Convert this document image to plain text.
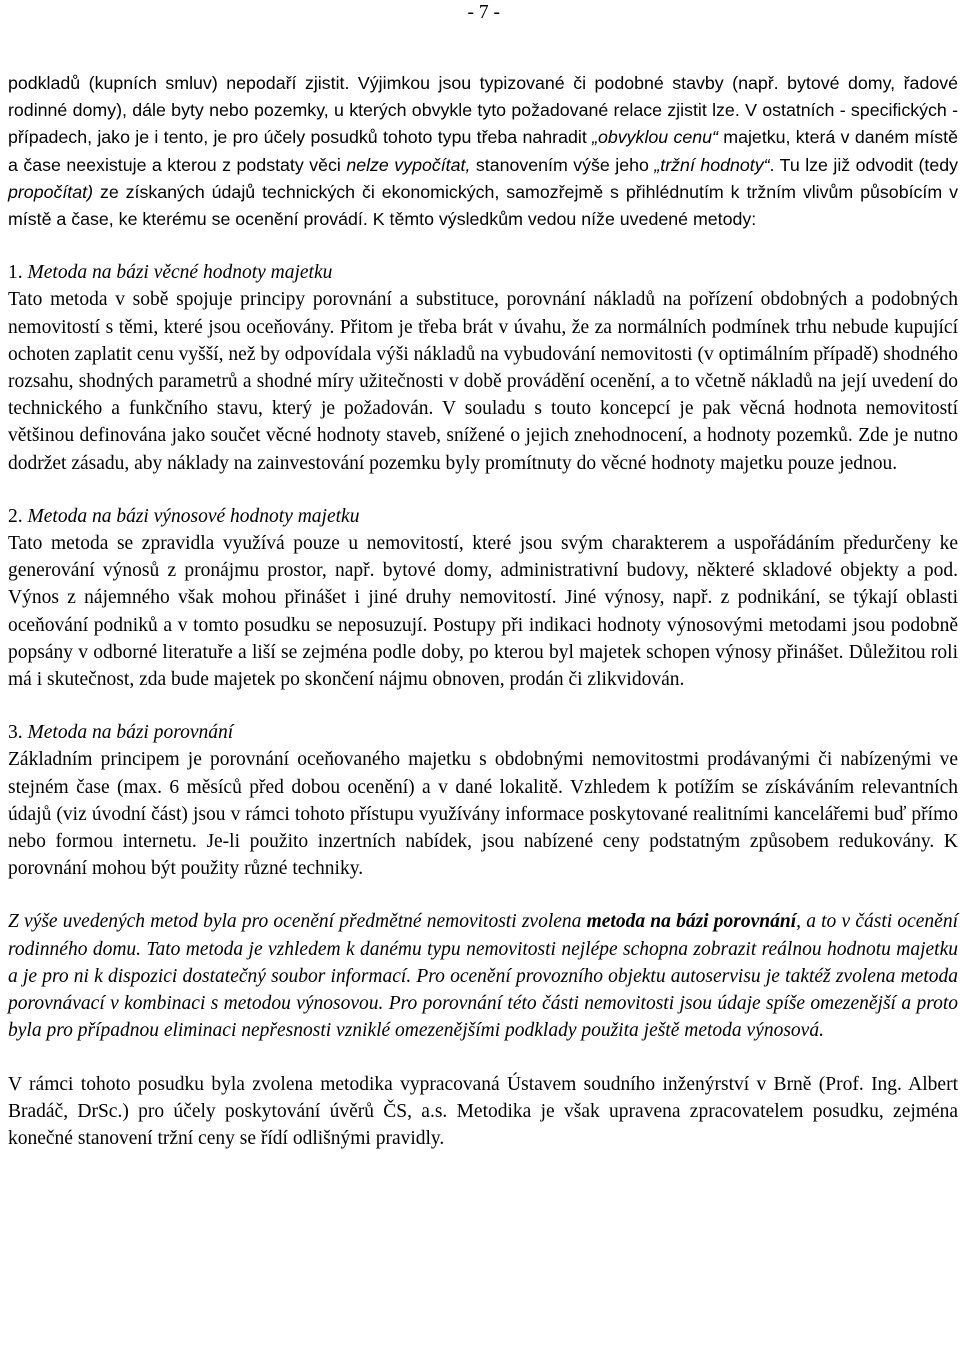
- 7 -

podkladů (kupních smluv) nepodaří zjistit. Výjimkou jsou typizované či podobné stavby (např. bytové domy, řadové rodinné domy), dále byty nebo pozemky, u kterých obvykle tyto požadované relace zjistit lze. V ostatních - specifických - případech, jako je i tento, je pro účely posudků tohoto typu třeba nahradit „obvyklou cenu“ majetku, která v daném místě a čase neexistuje a kterou z podstaty věci nelze vypočítat, stanovením výše jeho „tržní hodnoty“. Tu lze již odvodit (tedy propočítat) ze získaných údajů technických či ekonomických, samozřejmě s přihlédnutím k tržním vlivům působícím v místě a čase, ke kterému se ocenění provádí. K těmto výsledkům vedou níže uvedené metody:

1. Metoda na bázi věcné hodnoty majetku

Tato metoda v sobě spojuje principy porovnání a substituce, porovnání nákladů na pořízení obdobných a podobných nemovitostí s těmi, které jsou oceňovány. Přitom je třeba brát v úvahu, že za normálních podmínek trhu nebude kupující ochoten zaplatit cenu vyšší, než by odpovídala výši nákladů na vybudování nemovitosti (v optimálním případě) shodného rozsahu, shodných parametrů a shodné míry užitečnosti v době provádění ocenění, a to včetně nákladů na její uvedení do technického a funkčního stavu, který je požadován. V souladu s touto koncepcí je pak věcná hodnota nemovitostí většinou definována jako součet věcné hodnoty staveb, snížené o jejich znehodnocení, a hodnoty pozemků. Zde je nutno dodržet zásadu, aby náklady na zainvestování pozemku byly promítnuty do věcné hodnoty majetku pouze jednou.

2. Metoda na bázi výnosové hodnoty majetku

Tato metoda se zpravidla využívá pouze u nemovitostí, které jsou svým charakterem a uspořádáním předurčeny ke generování výnosů z pronájmu prostor, např. bytové domy, administrativní budovy, některé skladové objekty a pod. Výnos z nájemného však mohou přinášet i jiné druhy nemovitostí. Jiné výnosy, např. z podnikání, se týkají oblasti oceňování podniků a v tomto posudku se neposuzují. Postupy při indikaci hodnoty výnosovými metodami jsou podobně popsány v odborné literatuře a liší se zejména podle doby, po kterou byl majetek schopen výnosy přinášet. Důležitou roli má i skutečnost, zda bude majetek po skončení nájmu obnoven, prodán či zlikvidován.

3. Metoda na bázi porovnání

Základním principem je porovnání oceňovaného majetku s obdobnými nemovitostmi prodávanými či nabízenými ve stejném čase (max. 6 měsíců před dobou ocenění) a v dané lokalitě. Vzhledem k potížím se získáváním relevantních údajů (viz úvodní část) jsou v rámci tohoto přístupu využívány informace poskytované realitními kancelářemi buď přímo nebo formou internetu. Je-li použito inzertních nabídek, jsou nabízené ceny podstatným způsobem redukovány. K porovnání mohou být použity různé techniky.

Z výše uvedených metod byla pro ocenění předmětné nemovitosti zvolena metoda na bázi porovnání, a to v části ocenění rodinného domu. Tato metoda je vzhledem k danému typu nemovitosti nejlépe schopna zobrazit reálnou hodnotu majetku a je pro ni k dispozici dostatečný soubor informací. Pro ocenění provozního objektu autoservisu je taktéž zvolena metoda porovnávací v kombinaci s metodou výnosovou. Pro porovnání této části nemovitosti jsou údaje spíše omezenější a proto byla pro případnou eliminaci nepřesnosti vzniklé omezenějšími podklady použita ještě metoda výnosová.

V rámci tohoto posudku byla zvolena metodika vypracovaná Ústavem soudního inženýrství v Brně (Prof. Ing. Albert Bradáč, DrSc.) pro účely poskytování úvěrů ČS, a.s. Metodika je však upravena zpracovatelem posudku, zejména konečné stanovení tržní ceny se řídí odlišnými pravidly.
